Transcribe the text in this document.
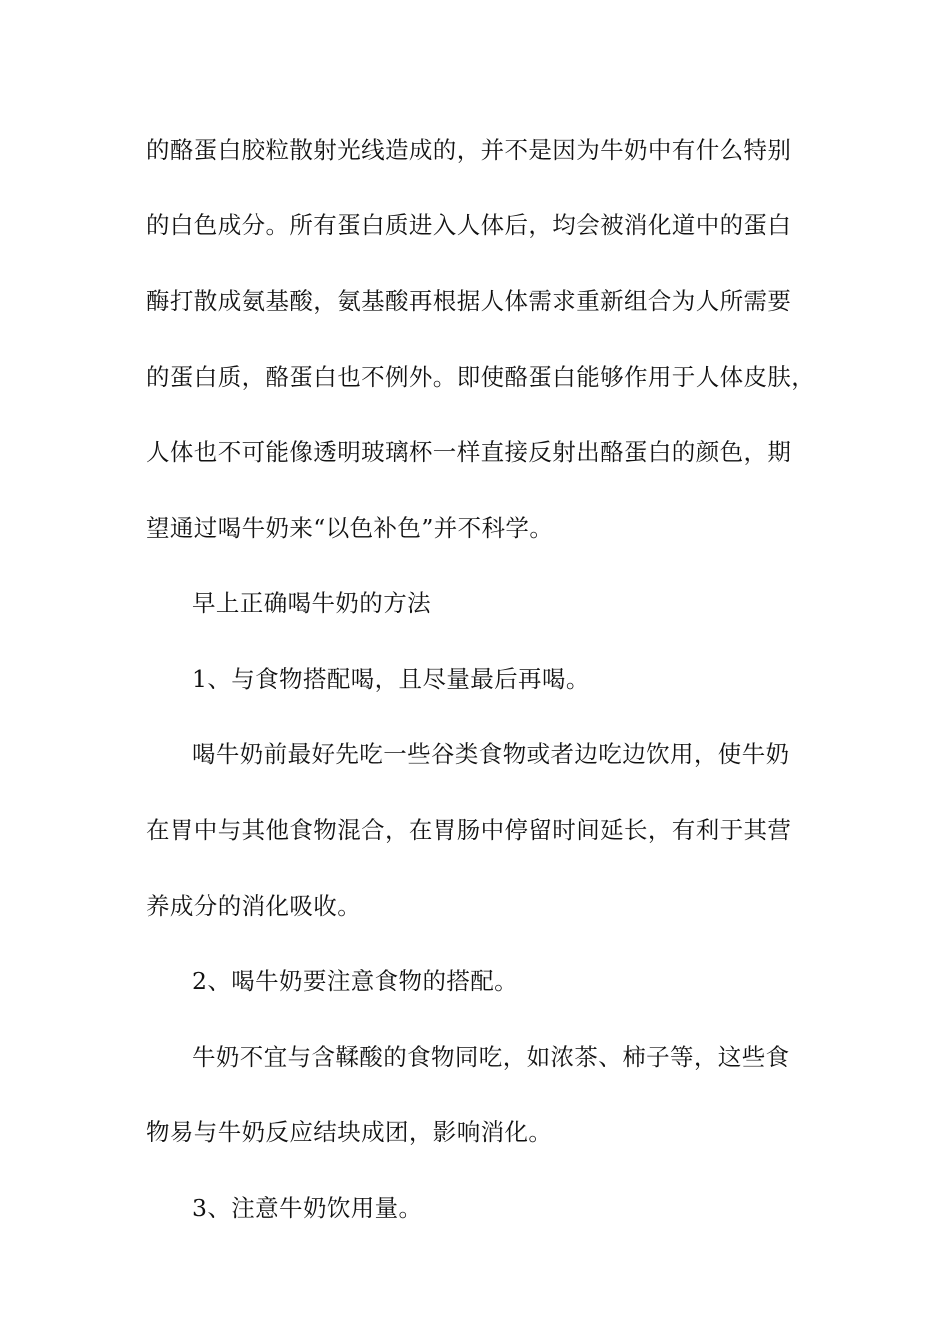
的酪蛋白胶粒散射光线造成的，并不是因为牛奶中有什么特别
的白色成分。所有蛋白质进入人体后，均会被消化道中的蛋白
酶打散成氨基酸，氨基酸再根据人体需求重新组合为人所需要
的蛋白质，酪蛋白也不例外。即使酪蛋白能够作用于人体皮肤，
人体也不可能像透明玻璃杯一样直接反射出酪蛋白的颜色，期
望通过喝牛奶来“以色补色”并不科学。
早上正确喝牛奶的方法
1、与食物搭配喝，且尽量最后再喝。
喝牛奶前最好先吃一些谷类食物或者边吃边饮用，使牛奶
在胃中与其他食物混合，在胃肠中停留时间延长，有利于其营
养成分的消化吸收。
2、喝牛奶要注意食物的搭配。
牛奶不宜与含鞣酸的食物同吃，如浓茶、柿子等，这些食
物易与牛奶反应结块成团，影响消化。
3、注意牛奶饮用量。
